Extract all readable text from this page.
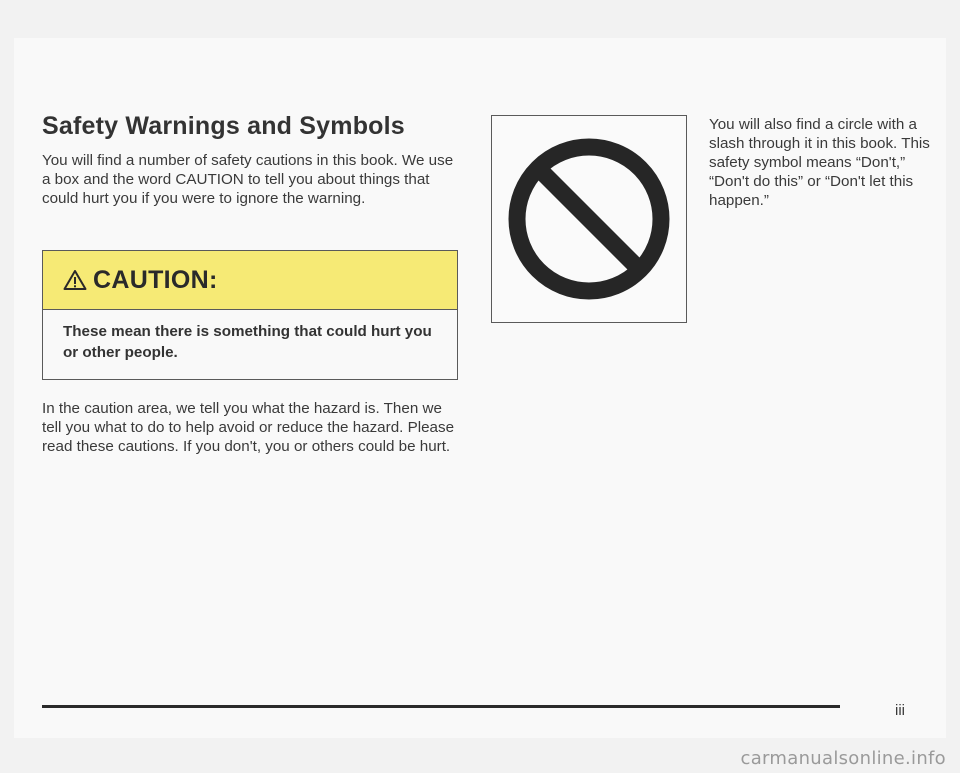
Safety Warnings and Symbols

You will find a number of safety cautions in this book. We use a box and the word CAUTION to tell you about things that could hurt you if you were to ignore the warning.

CAUTION:

These mean there is something that could hurt you or other people.

In the caution area, we tell you what the hazard is. Then we tell you what to do to help avoid or reduce the hazard. Please read these cautions. If you don't, you or others could be hurt.

You will also find a circle with a slash through it in this book. This safety symbol means “Don't,” “Don't do this” or “Don't let this happen.”

iii
carmanualsonline.info
